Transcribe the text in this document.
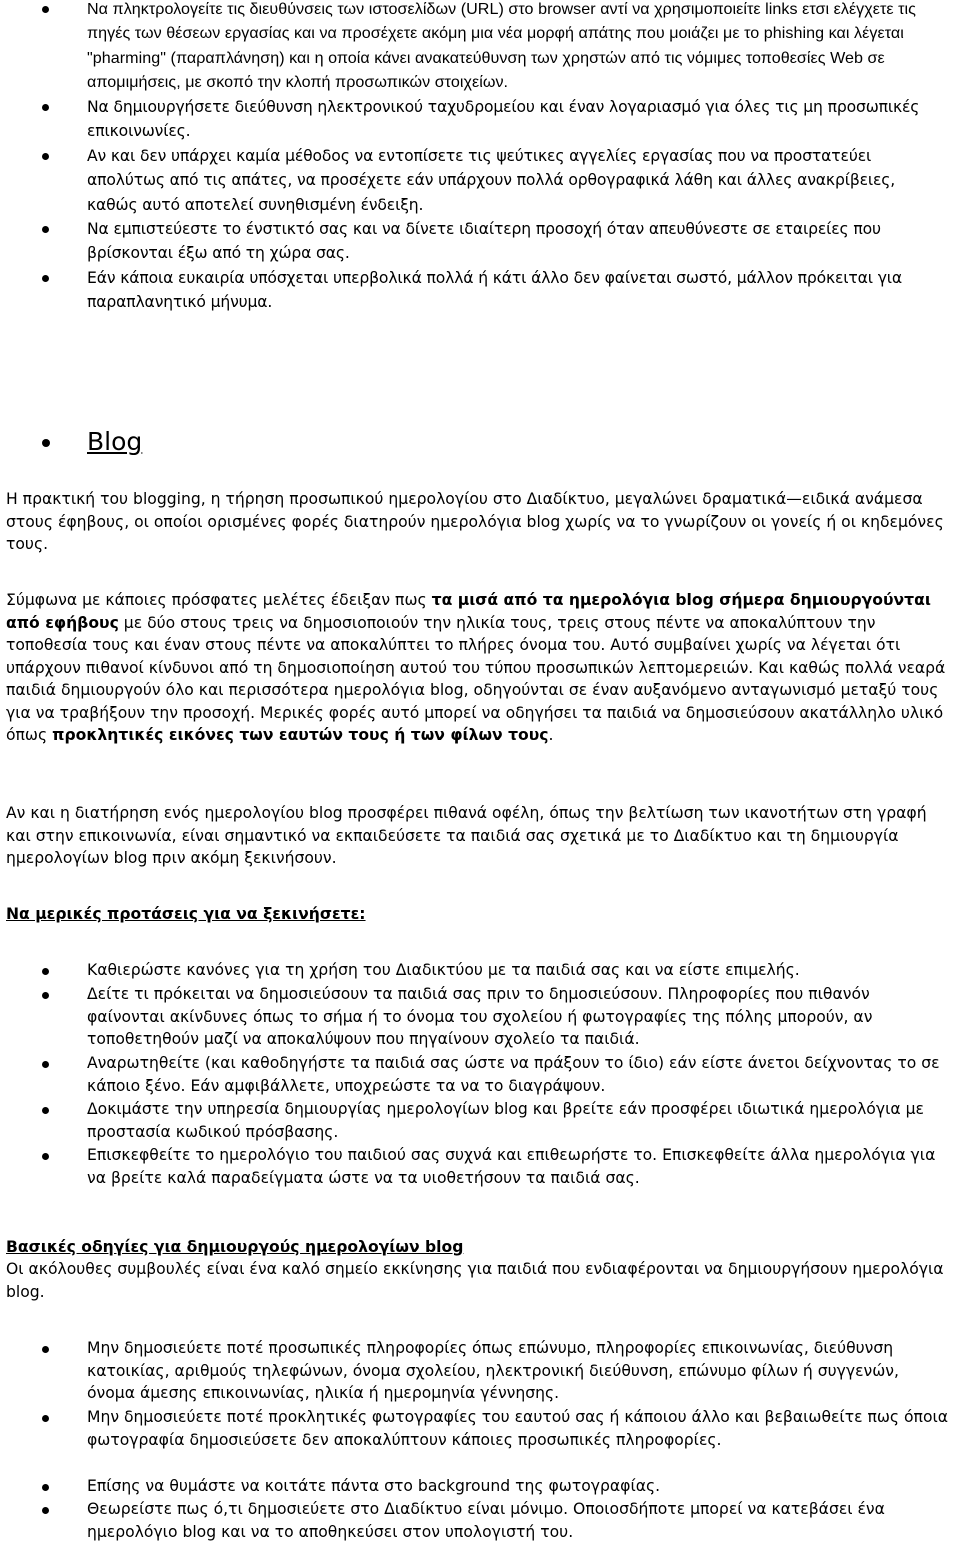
Να πληκτρολογείτε τις διευθύνσεις των ιστοσελίδων (URL) στο browser αντί να χρησιμοποιείτε links ετσι ελέγχετε τις πηγές των θέσεων εργασίας και να προσέχετε ακόμη μια νέα μορφή απάτης που μοιάζει με το phishing και λέγεται "pharming" (παραπλάνηση) και η οποία κάνει ανακατεύθυνση των χρηστών από τις νόμιμες τοποθεσίες Web σε απομιμήσεις, με σκοπό την κλοπή προσωπικών στοιχείων.
Να δημιουργήσετε διεύθυνση ηλεκτρονικού ταχυδρομείου και έναν λογαριασμό για όλες τις μη προσωπικές επικοινωνίες.
Αν και δεν υπάρχει καμία μέθοδος να εντοπίσετε τις ψεύτικες αγγελίες εργασίας που να προστατεύει απολύτως από τις απάτες, να προσέχετε εάν υπάρχουν πολλά ορθογραφικά λάθη και άλλες ανακρίβειες, καθώς αυτό αποτελεί συνηθισμένη ένδειξη.
Να εμπιστεύεστε το ένστικτό σας και να δίνετε ιδιαίτερη προσοχή όταν απευθύνεστε σε εταιρείες που βρίσκονται έξω από τη χώρα σας.
Εάν κάποια ευκαιρία υπόσχεται υπερβολικά πολλά ή κάτι άλλο δεν φαίνεται σωστό, μάλλον πρόκειται για παραπλανητικό μήνυμα.
Blog

Η πρακτική του blogging, η τήρηση προσωπικού ημερολογίου στο Διαδίκτυο, μεγαλώνει δραματικά—ειδικά ανάμεσα στους έφηβους, οι οποίοι ορισμένες φορές διατηρούν ημερολόγια blog χωρίς να το γνωρίζουν οι γονείς ή οι κηδεμόνες τους.

Σύμφωνα με κάποιες πρόσφατες μελέτες έδειξαν πως τα μισά από τα ημερολόγια blog σήμερα δημιουργούνται από εφήβους με δύο στους τρεις να δημοσιοποιούν την ηλικία τους, τρεις στους πέντε να αποκαλύπτουν την τοποθεσία τους και έναν στους πέντε να αποκαλύπτει το πλήρες όνομα του. Αυτό συμβαίνει χωρίς να λέγεται ότι υπάρχουν πιθανοί κίνδυνοι από τη δημοσιοποίηση αυτού του τύπου προσωπικών λεπτομερειών. Και καθώς πολλά νεαρά παιδιά δημιουργούν όλο και περισσότερα ημερολόγια blog, οδηγούνται σε έναν αυξανόμενο ανταγωνισμό μεταξύ τους για να τραβήξουν την προσοχή. Μερικές φορές αυτό μπορεί να οδηγήσει τα παιδιά να δημοσιεύσουν ακατάλληλο υλικό όπως προκλητικές εικόνες των εαυτών τους ή των φίλων τους.

Αν και η διατήρηση ενός ημερολογίου blog προσφέρει πιθανά οφέλη, όπως την βελτίωση των ικανοτήτων στη γραφή και στην επικοινωνία, είναι σημαντικό να εκπαιδεύσετε τα παιδιά σας σχετικά με το Διαδίκτυο και τη δημιουργία ημερολογίων blog πριν ακόμη ξεκινήσουν.

Να μερικές προτάσεις για να ξεκινήσετε:

Καθιερώστε κανόνες για τη χρήση του Διαδικτύου με τα παιδιά σας και να είστε επιμελής.
Δείτε τι πρόκειται να δημοσιεύσουν τα παιδιά σας πριν το δημοσιεύσουν. Πληροφορίες που πιθανόν φαίνονται ακίνδυνες όπως το σήμα ή το όνομα του σχολείου ή φωτογραφίες της πόλης μπορούν, αν τοποθετηθούν μαζί να αποκαλύψουν που πηγαίνουν σχολείο τα παιδιά.
Αναρωτηθείτε (και καθοδηγήστε τα παιδιά σας ώστε να πράξουν το ίδιο) εάν είστε άνετοι δείχνοντας το σε κάποιο ξένο. Εάν αμφιβάλλετε, υποχρεώστε τα να το διαγράψουν.
Δοκιμάστε την υπηρεσία δημιουργίας ημερολογίων blog και βρείτε εάν προσφέρει ιδιωτικά ημερολόγια με προστασία κωδικού πρόσβασης.
Επισκεφθείτε το ημερολόγιο του παιδιού σας συχνά και επιθεωρήστε το. Επισκεφθείτε άλλα ημερολόγια για να βρείτε καλά παραδείγματα ώστε να τα υιοθετήσουν τα παιδιά σας.

Βασικές οδηγίες για δημιουργούς ημερολογίων blog

Οι ακόλουθες συμβουλές είναι ένα καλό σημείο εκκίνησης για παιδιά που ενδιαφέρονται να δημιουργήσουν ημερολόγια blog.

Μην δημοσιεύετε ποτέ προσωπικές πληροφορίες όπως επώνυμο, πληροφορίες επικοινωνίας, διεύθυνση κατοικίας, αριθμούς τηλεφώνων, όνομα σχολείου, ηλεκτρονική διεύθυνση, επώνυμο φίλων ή συγγενών, όνομα άμεσης επικοινωνίας, ηλικία ή ημερομηνία γέννησης.
Μην δημοσιεύετε ποτέ προκλητικές φωτογραφίες του εαυτού σας ή κάποιου άλλο και βεβαιωθείτε πως όποια φωτογραφία δημοσιεύσετε δεν αποκαλύπτουν κάποιες προσωπικές πληροφορίες.
Επίσης να θυμάστε να κοιτάτε πάντα στο background της φωτογραφίας.
Θεωρείστε πως ό,τι δημοσιεύετε στο Διαδίκτυο είναι μόνιμο. Οποιοσδήποτε μπορεί να κατεβάσει ένα ημερολόγιο blog και να το αποθηκεύσει στον υπολογιστή του.
